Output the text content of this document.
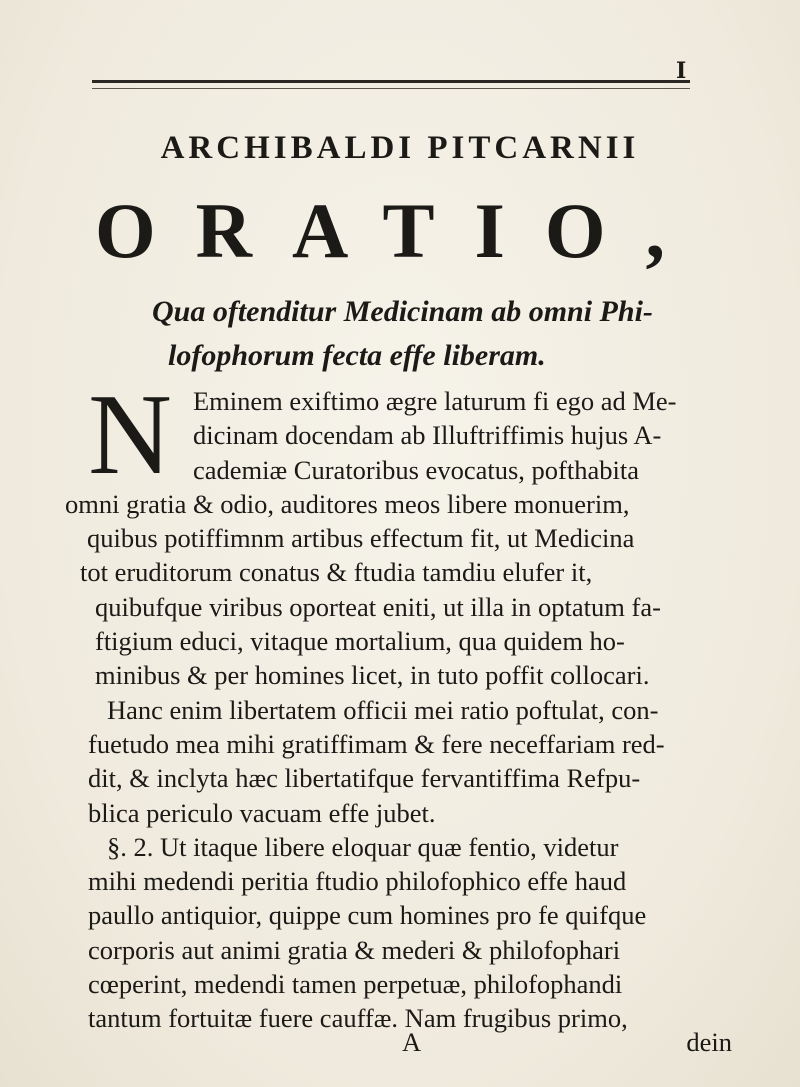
I
ARCHIBALDI PITCARNII
ORATIO,
Qua oftenditur Medicinam ab omni Phi-
lofophorum fecta effe liberam.
N Eminem exiftimo ægre laturum fi ego ad Me-
dicinam docendam ab Illuftriffimis hujus A-
cademiæ Curatoribus evocatus, pofthabita
omni gratia & odio, auditores meos libere monuerim,
quibus potiffimnm artibus effectum fit, ut Medicina
tot eruditorum conatus & ftudia tamdiu elufer it,
quibufque viribus oporteat eniti, ut illa in optatum fa-
ftigium educi, vitaque mortalium, qua quidem ho-
minibus & per homines licet, in tuto poffit collocari.
Hanc enim libertatem officii mei ratio poftulat, con-
fuetudo mea mihi gratiffimam & fere neceffariam red-
dit, & inclyta hæc libertatifque fervantiffima Refpu-
blica periculo vacuam effe jubet.
§. 2. Ut itaque libere eloquar quæ fentio, videtur
mihi medendi peritia ftudio philofophico effe haud
paullo antiquior, quippe cum homines pro fe quifque
corporis aut animi gratia & mederi & philofophari
cœperint, medendi tamen perpetuæ, philofophandi
tantum fortuitæ fuere cauffæ. Nam frugibus primo,
A	dein
